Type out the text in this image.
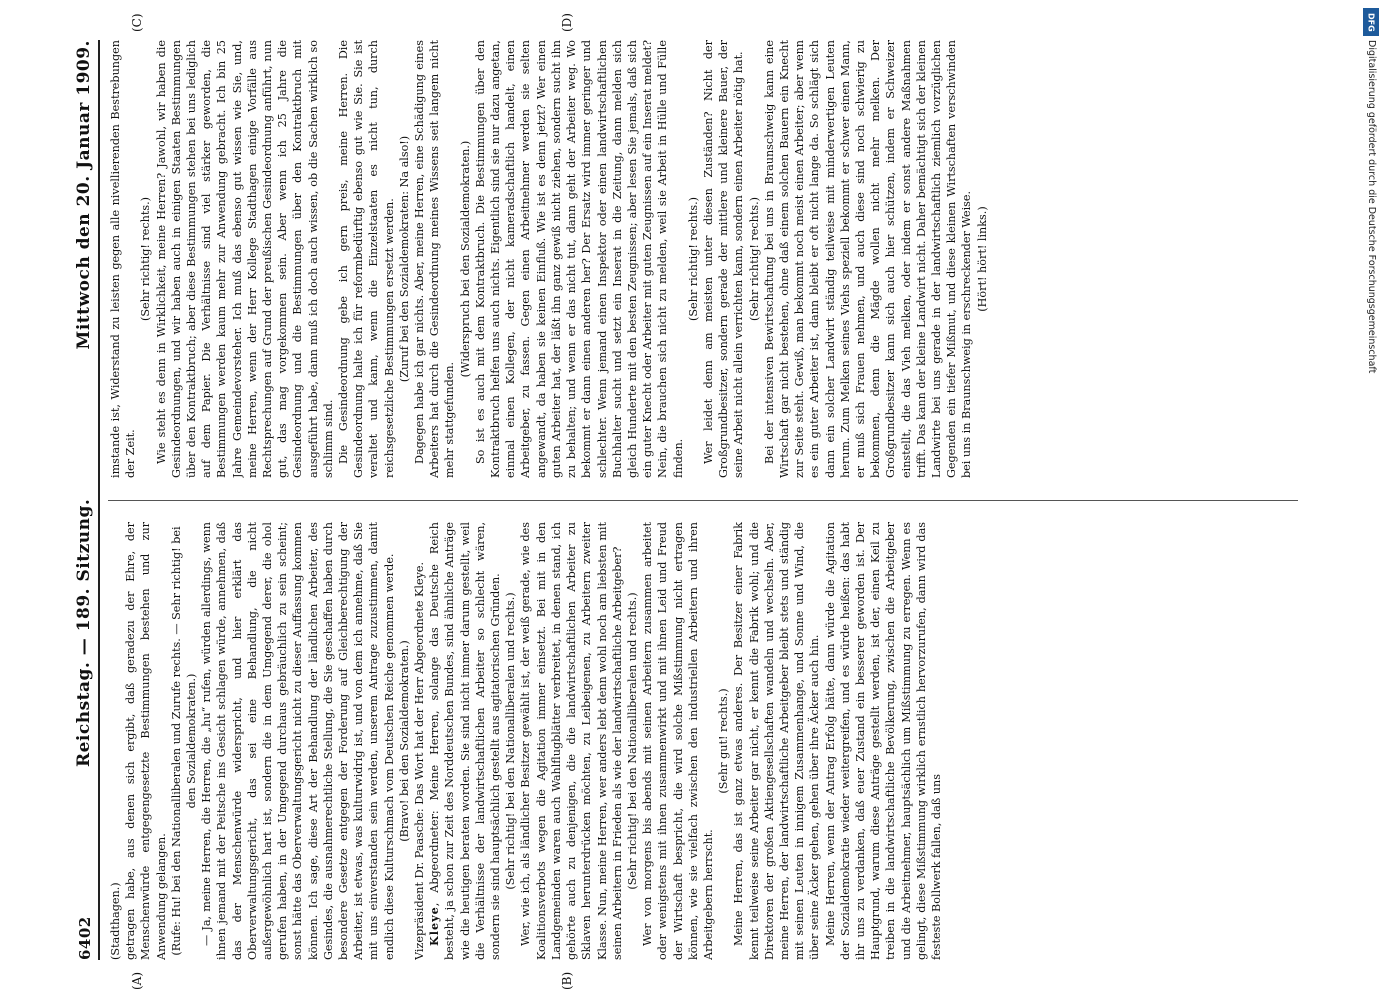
6402
Reichstag. — 189. Sitzung.
Mittwoch den 20. Januar 1909.
(A)	(B)
(C)	(D)

(Stadthagen.) getragen habe, aus denen sich ergibt, daß geradezu der Ehre, der Menschenwürde entgegengesetzte Bestimmungen bestehen und zur Anwendung gelangen. (Rufe: Hu! bei den Nationalliberalen und Zurufe rechts. — Sehr richtig! bei den Sozialdemokraten.) — Ja, meine Herren, die Herren, die „hu“ rufen, würden allerdings, wenn ihnen jemand mit der Peitsche ins Gesicht schlagen würde, annehmen, daß das der Menschenwürde widerspricht, und hier erklärt das Oberverwaltungsgericht, das sei eine Behandlung, die nicht außergewöhnlich hart ist, sondern die in dem Umgegend derer, die ohol gerufen haben, in der Umgegend durchaus gebräuchlich zu sein scheint; sonst hätte das Oberverwaltungsgericht nicht zu dieser Auffassung kommen können. Ich sage, diese Art der Behandlung der ländlichen Arbeiter, des Gesindes, die ausnahmerechtliche Stellung, die Sie geschaffen haben durch besondere Gesetze entgegen der Forderung auf Gleichberechtigung der Arbeiter, ist etwas, was kulturwidrig ist, und von dem ich annehme, daß Sie mit uns einverstanden sein werden, unserem Antrage zuzustimmen, damit endlich diese Kulturschmach vom Deutschen Reiche genommen werde. (Bravo! bei den Sozialdemokraten.) Vizepräsident Dr. Paasche: Das Wort hat der Herr Abgeordnete Kleye. Kleye, Abgeordneter: Meine Herren, solange das Deutsche Reich besteht, ja schon zur Zeit des Norddeutschen Bundes, sind ähnliche Anträge wie die heutigen beraten worden. Sie sind nicht immer darum gestellt, weil die Verhältnisse der landwirtschaftlichen Arbeiter so schlecht wären, sondern sie sind hauptsächlich gestellt aus agitatorischen Gründen. (Sehr richtig! bei den Nationalliberalen und rechts.) Wer, wie ich, als ländlicher Besitzer gewählt ist, der weiß gerade, wie des Koalitionsverbots wegen die Agitation immer einsetzt. Bei mit in den Landgemeinden waren auch Wahlflugblätter verbreitet, in denen stand, ich gehörte auch zu denjenigen, die die landwirtschaftlichen Arbeiter zu Sklaven herunterdrücken möchten, zu Leibeigenen, zu Arbeitern zweiter Klasse. Nun, meine Herren, wer anders lebt denn wohl noch am liebsten mit seinen Arbeitern in Frieden als wie der landwirtschaftliche Arbeitgeber? (Sehr richtig! bei den Nationalliberalen und rechts.) Wer von morgens bis abends mit seinen Arbeitern zusammen arbeitet oder wenigstens mit ihnen zusammenwirkt und mit ihnen Leid und Freud der Wirtschaft bespricht, die wird solche Mißstimmung nicht ertragen können, wie sie vielfach zwischen den industriellen Arbeitern und ihren Arbeitgebern herrscht.

(Sehr gut! rechts.) Meine Herren, das ist ganz etwas anderes. Der Besitzer einer Fabrik kennt teilweise seine Arbeiter gar nicht, er kennt die Fabrik wohl; und die Direktoren der großen Aktiengesellschaften wandeln und wechseln. Aber, meine Herren, der landwirtschaftliche Arbeitgeber bleibt stets und ständig mit seinen Leuten in innigem Zusammenhange, und Sonne und Wind, die über seine Äcker gehen, gehen über ihre Äcker auch hin. Meine Herren, wenn der Antrag Erfolg hätte, dann würde die Agitation der Sozialdemokratie wieder weitergreifen, und es würde heißen: das habt ihr uns zu verdanken, daß euer Zustand ein besserer geworden ist. Der Hauptgrund, warum diese Anträge gestellt werden, ist der, einen Keil zu treiben in die landwirtschaftliche Bevölkerung, zwischen die Arbeitgeber und die Arbeitnehmer, hauptsächlich um Mißstimmung zu erregen. Wenn es gelingt, diese Mißstimmung wirklich ernstlich hervorzurufen, dann wird das festeste Bollwerk fallen, daß uns

imstande ist, Widerstand zu leisten gegen alle nivellierenden Bestrebungen der Zeit.

(Sehr richtig! rechts.) Wie steht es denn in Wirklichkeit, meine Herren? Jawohl, wir haben die Gesindeordnungen, und wir haben auch in einigen Staaten Bestimmungen über den Kontraktbruch; aber diese Bestimmungen stehen bei uns lediglich auf dem Papier. Die Verhältnisse sind viel stärker geworden, die Bestimmungen werden kaum mehr zur Anwendung gebracht. Ich bin 25 Jahre Gemeindevorsteher. Ich muß das ebenso gut wissen wie Sie, und, meine Herren, wenn der Herr Kollege Stadthagen einige Vorfälle aus Rechtsprechungen auf Grund der preußischen Gesindeordnung anführt, nun gut, das mag vorgekommen sein. Aber wenn ich 25 Jahre die Gesindeordnung und die Bestimmungen über den Kontraktbruch mit ausgeführt habe, dann muß ich doch auch wissen, ob die Sachen wirklich so schlimm sind. Die Gesindeordnung gebe ich gern preis, meine Herren. Die Gesindeordnung halte ich für reformbedürftig ebenso gut wie Sie. Sie ist veraltet und kann, wenn die Einzelstaaten es nicht tun, durch reichsgesetzliche Bestimmungen ersetzt werden. (Zuruf bei den Sozialdemokraten: Na also!) Dagegen habe ich gar nichts. Aber, meine Herren, eine Schädigung eines Arbeiters hat durch die Gesindeordnung meines Wissens seit langem nicht mehr stattgefunden.

(Widerspruch bei den Sozialdemokraten.) So ist es auch mit dem Kontraktbruch. Die Bestimmungen über den Kontraktbruch helfen uns auch nichts. Eigentlich sind sie nur dazu angetan, einmal einen Kollegen, der nicht kameradschaftlich handelt, einen Arbeitgeber, zu fassen. Gegen einen Arbeitnehmer werden sie selten angewandt, da haben sie keinen Einfluß. Wie ist es denn jetzt? Wer einen guten Arbeiter hat, der läßt ihn ganz gewiß nicht ziehen, sondern sucht ihn zu behalten; und wenn er das nicht tut, dann geht der Arbeiter weg. Wo bekommt er dann einen anderen her? Der Ersatz wird immer geringer und schlechter. Wenn jemand einen Inspektor oder einen landwirtschaftlichen Buchhalter sucht und setzt ein Inserat in die Zeitung, dann melden sich gleich Hunderte mit den besten Zeugnissen; aber lesen Sie jemals, daß sich ein guter Knecht oder Arbeiter mit guten Zeugnissen auf ein Inserat meldet? Nein, die brauchen sich nicht zu melden, weil sie Arbeit in Hülle und Fülle finden.

(Sehr richtig! rechts.) Wer leidet denn am meisten unter diesen Zuständen? Nicht der Großgrundbesitzer, sondern gerade der mittlere und kleinere Bauer, der seine Arbeit nicht allein verrichten kann, sondern einen Arbeiter nötig hat. (Sehr richtig! rechts.) Bei der intensiven Bewirtschaftung bei uns in Braunschweig kann eine Wirtschaft gar nicht bestehen, ohne daß einem solchen Bauern ein Knecht zur Seite steht. Gewiß, man bekommt noch meist einen Arbeiter; aber wenn es ein guter Arbeiter ist, dann bleibt er oft nicht lange da. So schlägt sich dann ein solcher Landwirt ständig teilweise mit minderwertigen Leuten herum. Zum Melken seines Viehs speziell bekommt er schwer einen Mann, er muß sich Frauen nehmen, und auch diese sind noch schwierig zu bekommen, denn die Mägde wollen nicht mehr melken. Der Großgrundbesitzer kann sich auch hier schützen, indem er Schweizer einstellt, die das Vieh melken, oder indem er sonst andere Maßnahmen trifft. Das kann der kleine Landwirt nicht. Daher bemächtigt sich der kleinen Landwirte bei uns gerade in der landwirtschaftlich ziemlich vorzüglichen Gegenden ein tiefer Mißmut, und diese kleinen Wirtschaften verschwinden bei uns in Braunschweig in erschreckender Weise. (Hört! hört! links.)

DFG
Digitalisierung gefördert durch die Deutsche Forschungsgemeinschaft
